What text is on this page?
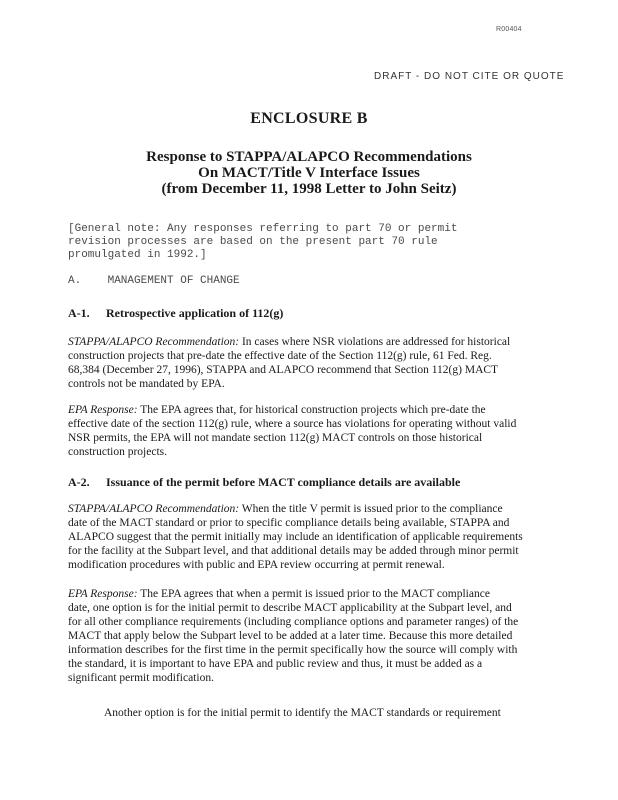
R00404
DRAFT - DO NOT CITE OR QUOTE
ENCLOSURE B
Response to STAPPA/ALAPCO Recommendations
On MACT/Title V Interface Issues
(from December 11, 1998 Letter to John Seitz)
[General note: Any responses referring to part 70 or permit
revision processes are based on the present part 70 rule
promulgated in 1992.]
A.    MANAGEMENT OF CHANGE
A-1. Retrospective application of 112(g)
STAPPA/ALAPCO Recommendation: In cases where NSR violations are addressed for historical
construction projects that pre-date the effective date of the Section 112(g) rule, 61 Fed. Reg.
68,384 (December 27, 1996), STAPPA and ALAPCO recommend that Section 112(g) MACT
controls not be mandated by EPA.
EPA Response: The EPA agrees that, for historical construction projects which pre-date the
effective date of the section 112(g) rule, where a source has violations for operating without valid
NSR permits, the EPA will not mandate section 112(g) MACT controls on those historical
construction projects.
A-2. Issuance of the permit before MACT compliance details are available
STAPPA/ALAPCO Recommendation: When the title V permit is issued prior to the compliance
date of the MACT standard or prior to specific compliance details being available, STAPPA and
ALAPCO suggest that the permit initially may include an identification of applicable requirements
for the facility at the Subpart level, and that additional details may be added through minor permit
modification procedures with public and EPA review occurring at permit renewal.
EPA Response: The EPA agrees that when a permit is issued prior to the MACT compliance
date, one option is for the initial permit to describe MACT applicability at the Subpart level, and
for all other compliance requirements (including compliance options and parameter ranges) of the
MACT that apply below the Subpart level to be added at a later time. Because this more detailed
information describes for the first time in the permit specifically how the source will comply with
the standard, it is important to have EPA and public review and thus, it must be added as a
significant permit modification.
Another option is for the initial permit to identify the MACT standards or requirement
